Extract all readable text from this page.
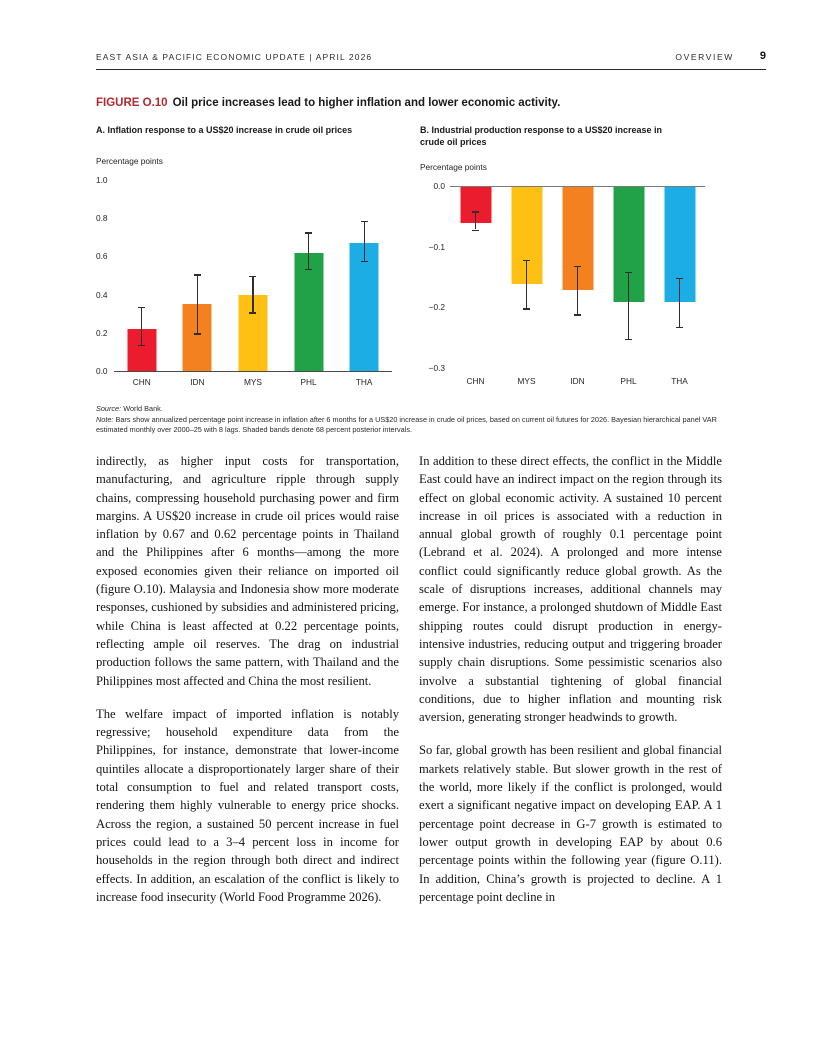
EAST ASIA & PACIFIC ECONOMIC UPDATE | APRIL 2026	OVERVIEW 9
FIGURE O.10 Oil price increases lead to higher inflation and lower economic activity.
A. Inflation response to a US$20 increase in crude oil prices	B. Industrial production response to a US$20 increase in crude oil prices
Percentage points
1.0
0.8
0.6
0.4
0.2
0.0
CHN	IDN	MYS	PHL	THA
Percentage points
0.0
−0.1
−0.2
−0.3
CHN	MYS	IDN	PHL	THA
Source: World Bank.
Note: Bars show annualized percentage point increase in inflation after 6 months for a US$20 increase in crude oil prices, based on current oil futures for 2026. Bayesian hierarchical panel VAR estimated monthly over 2000–25 with 8 lags. Shaded bands denote 68 percent posterior intervals.

indirectly, as higher input costs for transportation, manufacturing, and agriculture ripple through supply chains, compressing household purchasing power and firm margins. A US$20 increase in crude oil prices would raise inflation by 0.67 and 0.62 percentage points in Thailand and the Philippines after 6 months—among the more exposed economies given their reliance on imported oil (figure O.10). Malaysia and Indonesia show more moderate responses, cushioned by subsidies and administered pricing, while China is least affected at 0.22 percentage points, reflecting ample oil reserves. The drag on industrial production follows the same pattern, with Thailand and the Philippines most affected and China the most resilient.

The welfare impact of imported inflation is notably regressive; household expenditure data from the Philippines, for instance, demonstrate that lower-income quintiles allocate a disproportionately larger share of their total consumption to fuel and related transport costs, rendering them highly vulnerable to energy price shocks. Across the region, a sustained 50 percent increase in fuel prices could lead to a 3–4 percent loss in income for households in the region through both direct and indirect effects. In addition, an escalation of the conflict is likely to increase food insecurity (World Food Programme 2026).

In addition to these direct effects, the conflict in the Middle East could have an indirect impact on the region through its effect on global economic activity. A sustained 10 percent increase in oil prices is associated with a reduction in annual global growth of roughly 0.1 percentage point (Lebrand et al. 2024). A prolonged and more intense conflict could significantly reduce global growth. As the scale of disruptions increases, additional channels may emerge. For instance, a prolonged shutdown of Middle East shipping routes could disrupt production in energy-intensive industries, reducing output and triggering broader supply chain disruptions. Some pessimistic scenarios also involve a substantial tightening of global financial conditions, due to higher inflation and mounting risk aversion, generating stronger headwinds to growth.

So far, global growth has been resilient and global financial markets relatively stable. But slower growth in the rest of the world, more likely if the conflict is prolonged, would exert a significant negative impact on developing EAP. A 1 percentage point decrease in G-7 growth is estimated to lower output growth in developing EAP by about 0.6 percentage points within the following year (figure O.11). In addition, China’s growth is projected to decline. A 1 percentage point decline in
